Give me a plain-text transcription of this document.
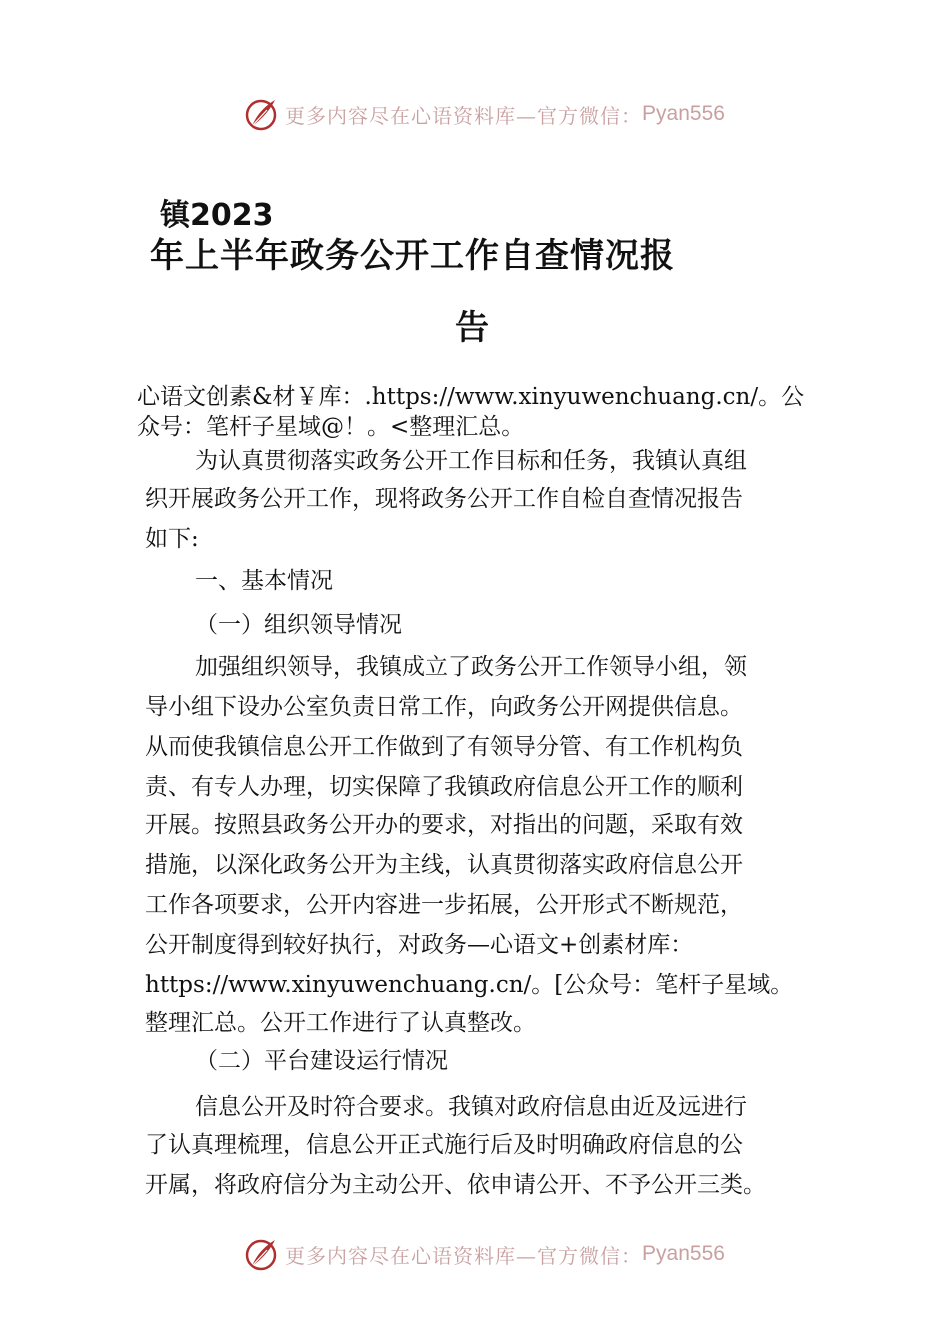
更多内容尽在心语资料库—官方微信： Pyan556
镇2023
年上半年政务公开工作自查情况报
告
心语文创素&材￥库：.https://www.xinyuwenchuang.cn/。公
众号：笔杆子星域@！。<整理汇总。
为认真贯彻落实政务公开工作目标和任务，我镇认真组
织开展政务公开工作，现将政务公开工作自检自查情况报告
如下:
一、基本情况
（一）组织领导情况
加强组织领导，我镇成立了政务公开工作领导小组，领
导小组下设办公室负责日常工作，向政务公开网提供信息。
从而使我镇信息公开工作做到了有领导分管、有工作机构负
责、有专人办理，切实保障了我镇政府信息公开工作的顺利
开展。按照县政务公开办的要求，对指出的问题，采取有效
措施，以深化政务公开为主线，认真贯彻落实政府信息公开
工作各项要求，公开内容进一步拓展，公开形式不断规范，
公开制度得到较好执行，对政务—心语文+创素材库：
https://www.xinyuwenchuang.cn/。[公众号：笔杆子星域。
整理汇总。公开工作进行了认真整改。
（二）平台建设运行情况
信息公开及时符合要求。我镇对政府信息由近及远进行
了认真理梳理，信息公开正式施行后及时明确政府信息的公
开属，将政府信分为主动公开、依申请公开、不予公开三类。
更多内容尽在心语资料库—官方微信： Pyan556
